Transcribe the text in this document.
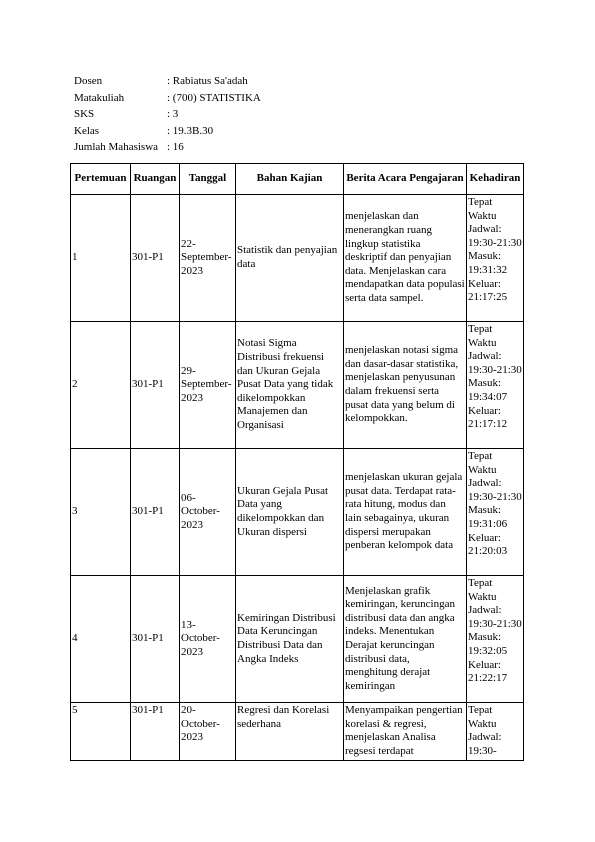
Dosen	: Rabiatus Sa'adah
Matakuliah	: (700) STATISTIKA
SKS	: 3
Kelas	: 19.3B.30
Jumlah Mahasiswa : 16
Pertemuan	Ruangan	Tanggal	Bahan Kajian	Berita Acara Pengajaran	Kehadiran
1	301-P1	22-September-2023	Statistik dan penyajian data	menjelaskan dan menerangkan ruang lingkup statistika deskriptif dan penyajian data. Menjelaskan cara mendapatkan data populasi serta data sampel.	Tepat Waktu Jadwal: 19:30-21:30 Masuk: 19:31:32 Keluar: 21:17:25
2	301-P1	29-September-2023	Notasi Sigma Distribusi frekuensi dan Ukuran Gejala Pusat Data yang tidak dikelompokkan Manajemen dan Organisasi	menjelaskan notasi sigma dan dasar-dasar statistika, menjelaskan penyusunan dalam frekuensi serta pusat data yang belum di kelompokkan.	Tepat Waktu Jadwal: 19:30-21:30 Masuk: 19:34:07 Keluar: 21:17:12
3	301-P1	06-October-2023	Ukuran Gejala Pusat Data yang dikelompokkan dan Ukuran dispersi	menjelaskan ukuran gejala pusat data. Terdapat rata-rata hitung, modus dan lain sebagainya, ukuran dispersi merupakan penberan kelompok data	Tepat Waktu Jadwal: 19:30-21:30 Masuk: 19:31:06 Keluar: 21:20:03
4	301-P1	13-October-2023	Kemiringan Distribusi Data Keruncingan Distribusi Data dan Angka Indeks	Menjelaskan grafik kemiringan, keruncingan distribusi data dan angka indeks. Menentukan Derajat keruncingan distribusi data, menghitung derajat kemiringan	Tepat Waktu Jadwal: 19:30-21:30 Masuk: 19:32:05 Keluar: 21:22:17
5	301-P1	20-October-2023	Regresi dan Korelasi sederhana	Menyampaikan pengertian korelasi & regresi, menjelaskan Analisa regsesi terdapat	Tepat Waktu Jadwal: 19:30-
